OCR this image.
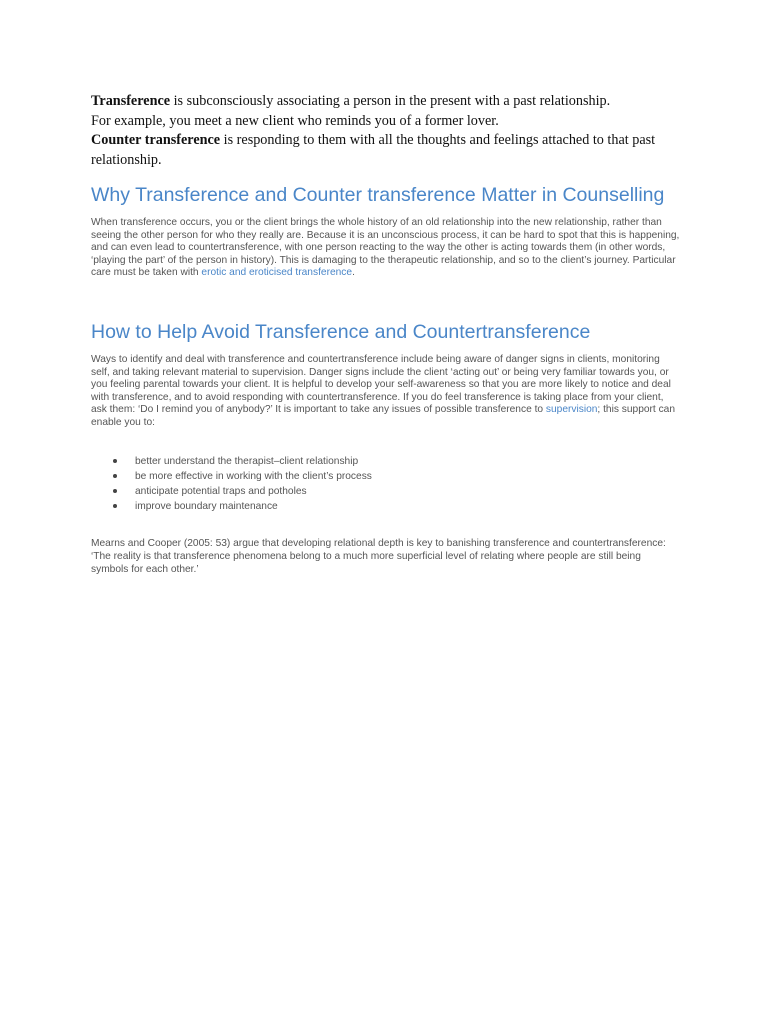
Transference is subconsciously associating a person in the present with a past relationship.

For example, you meet a new client who reminds you of a former lover.

Counter transference is responding to them with all the thoughts and feelings attached to that past relationship.

Why Transference and Counter transference Matter in Counselling

When transference occurs, you or the client brings the whole history of an old relationship into the new relationship, rather than seeing the other person for who they really are. Because it is an unconscious process, it can be hard to spot that this is happening, and can even lead to countertransference, with one person reacting to the way the other is acting towards them (in other words, ‘playing the part’ of the person in history). This is damaging to the therapeutic relationship, and so to the client’s journey. Particular care must be taken with erotic and eroticised transference.

How to Help Avoid Transference and Countertransference

Ways to identify and deal with transference and countertransference include being aware of danger signs in clients, monitoring self, and taking relevant material to supervision. Danger signs include the client ‘acting out’ or being very familiar towards you, or you feeling parental towards your client. It is helpful to develop your self-awareness so that you are more likely to notice and deal with transference, and to avoid responding with countertransference. If you do feel transference is taking place from your client, ask them: ‘Do I remind you of anybody?’ It is important to take any issues of possible transference to supervision; this support can enable you to:

better understand the therapist–client relationship
be more effective in working with the client’s process
anticipate potential traps and potholes
improve boundary maintenance

Mearns and Cooper (2005: 53) argue that developing relational depth is key to banishing transference and countertransference: ‘The reality is that transference phenomena belong to a much more superficial level of relating where people are still being symbols for each other.’
